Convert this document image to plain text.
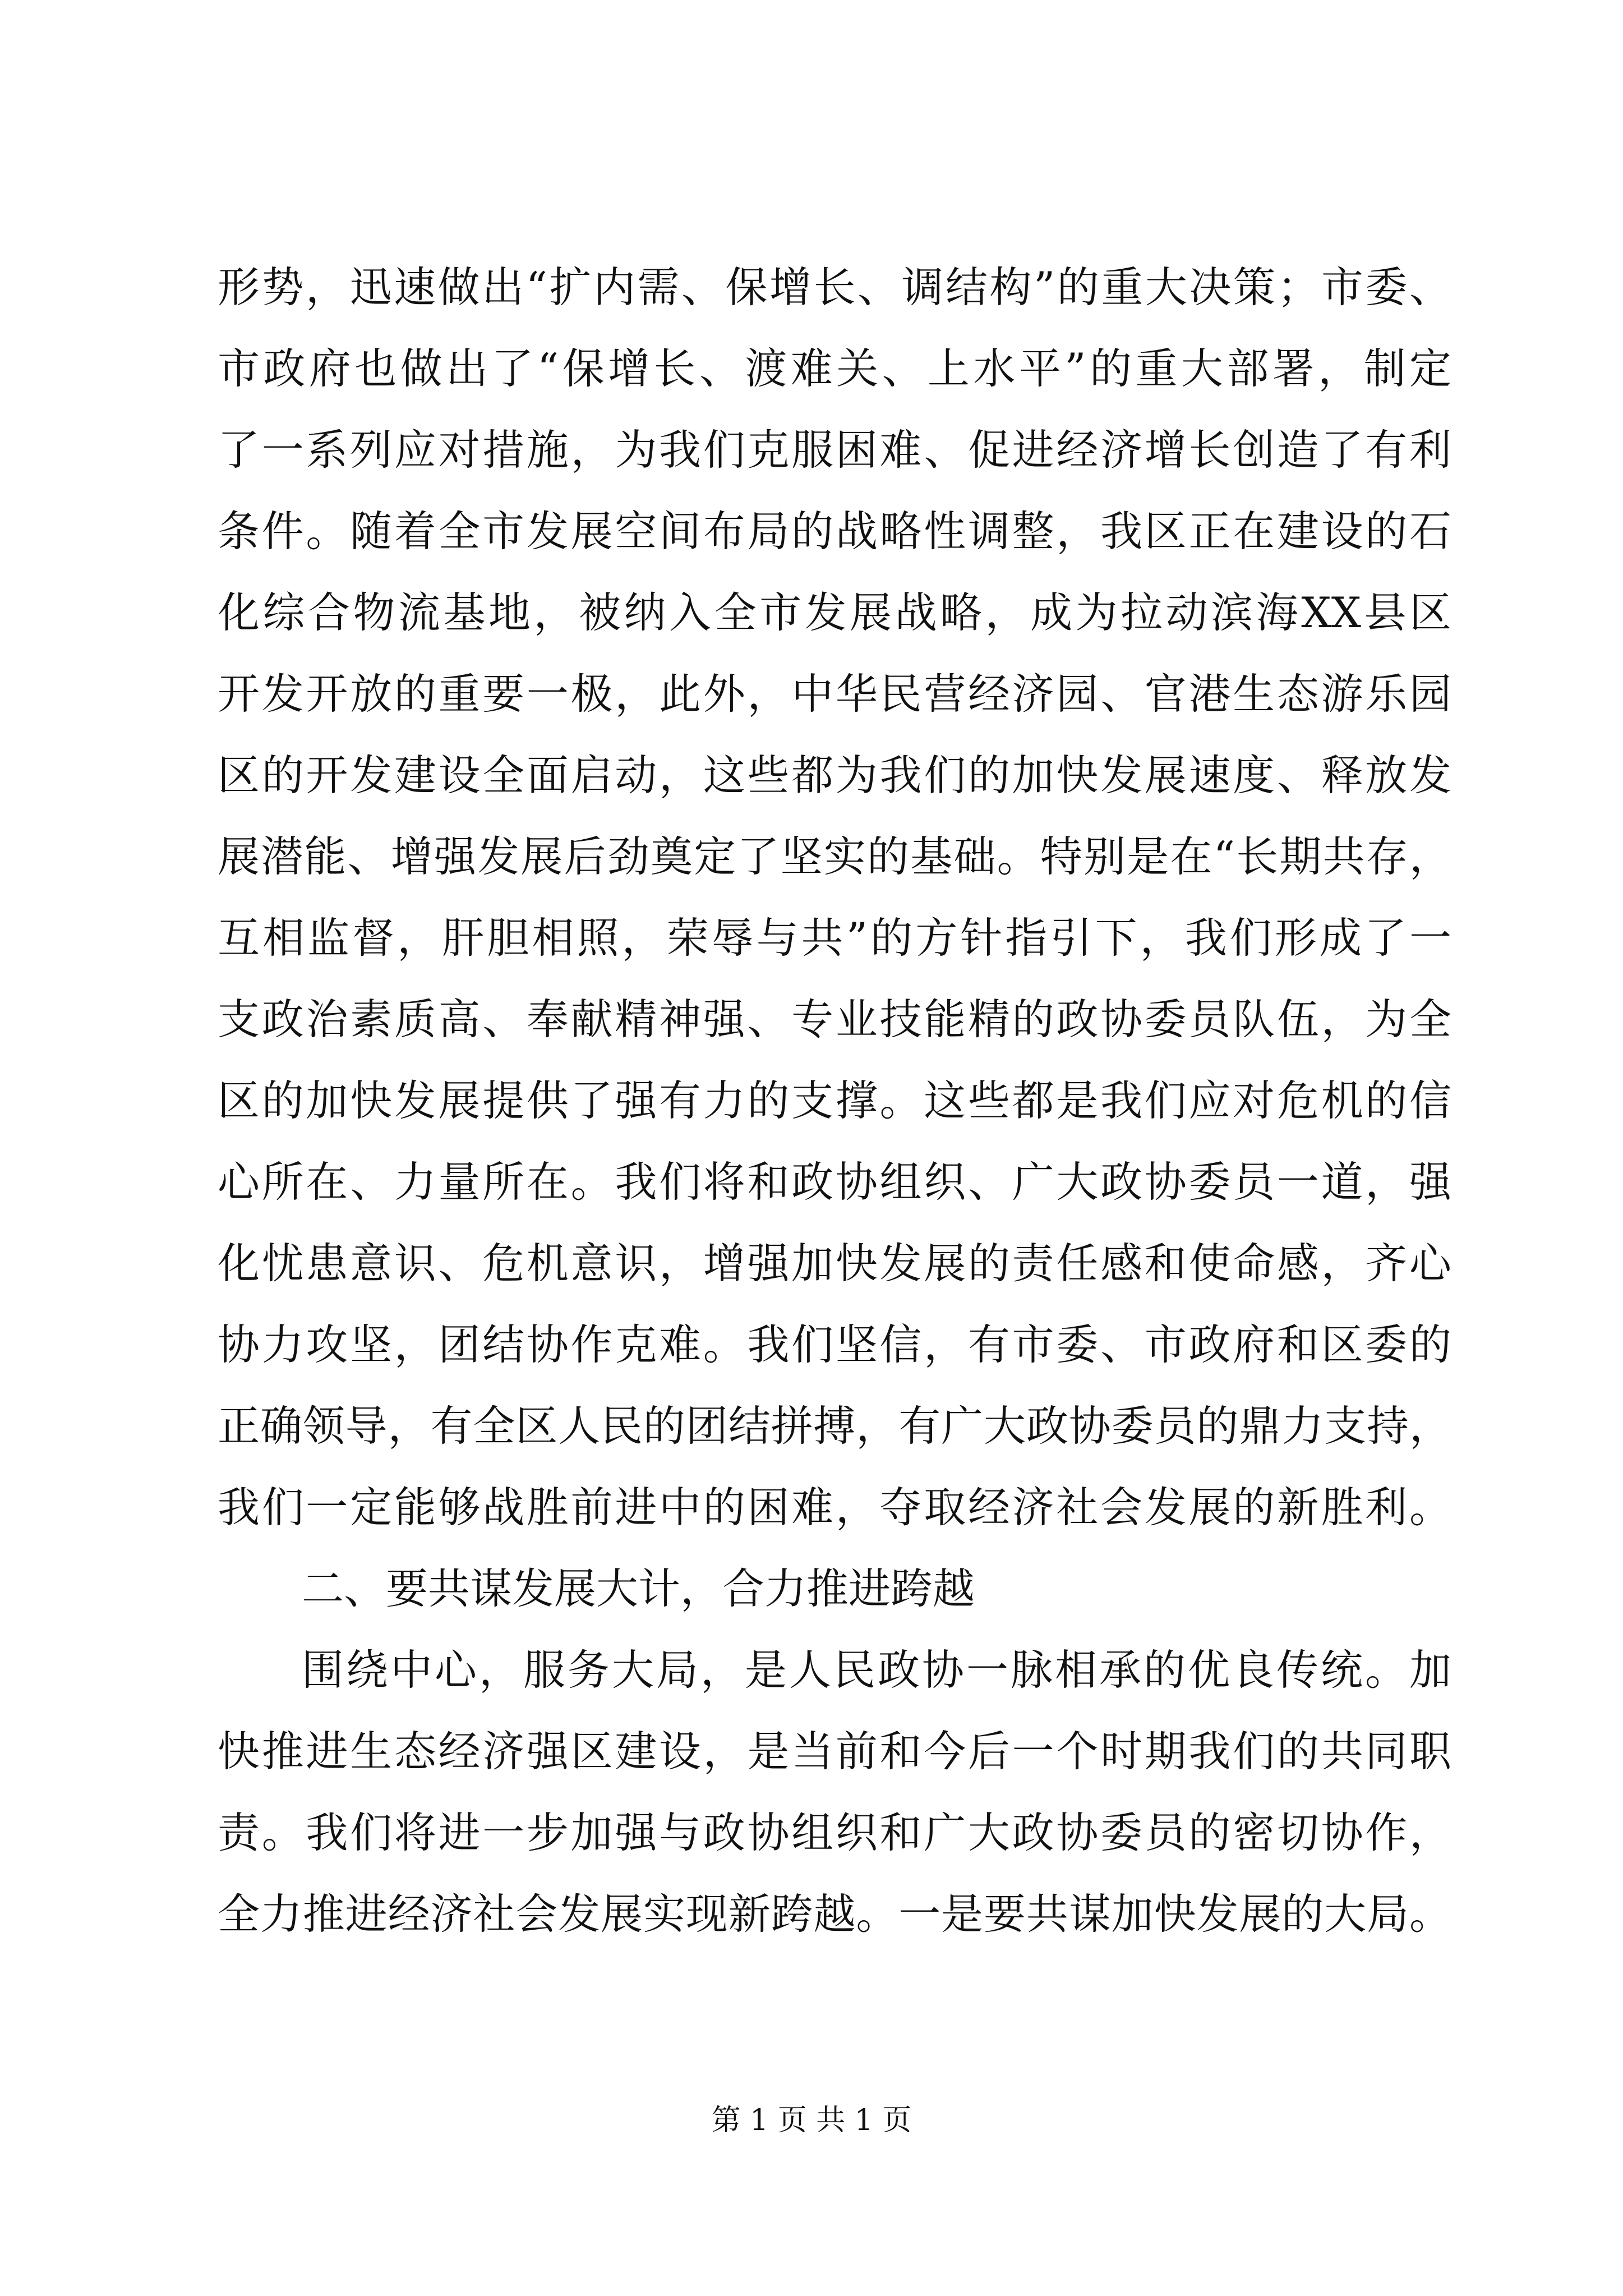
形势，迅速做出“扩内需、保增长、调结构”的重大决策；市委、
市政府也做出了“保增长、渡难关、上水平”的重大部署，制定
了一系列应对措施，为我们克服困难、促进经济增长创造了有利
条件。随着全市发展空间布局的战略性调整，我区正在建设的石
化综合物流基地，被纳入全市发展战略，成为拉动滨海XX县区
开发开放的重要一极，此外，中华民营经济园、官港生态游乐园
区的开发建设全面启动，这些都为我们的加快发展速度、释放发
展潜能、增强发展后劲奠定了坚实的基础。特别是在“长期共存，
互相监督，肝胆相照，荣辱与共”的方针指引下，我们形成了一
支政治素质高、奉献精神强、专业技能精的政协委员队伍，为全
区的加快发展提供了强有力的支撑。这些都是我们应对危机的信
心所在、力量所在。我们将和政协组织、广大政协委员一道，强
化忧患意识、危机意识，增强加快发展的责任感和使命感，齐心
协力攻坚，团结协作克难。我们坚信，有市委、市政府和区委的
正确领导，有全区人民的团结拼搏，有广大政协委员的鼎力支持，
我们一定能够战胜前进中的困难，夺取经济社会发展的新胜利。
二、要共谋发展大计，合力推进跨越
围绕中心，服务大局，是人民政协一脉相承的优良传统。加
快推进生态经济强区建设，是当前和今后一个时期我们的共同职
责。我们将进一步加强与政协组织和广大政协委员的密切协作，
全力推进经济社会发展实现新跨越。一是要共谋加快发展的大局。
第 1 页 共 1 页
